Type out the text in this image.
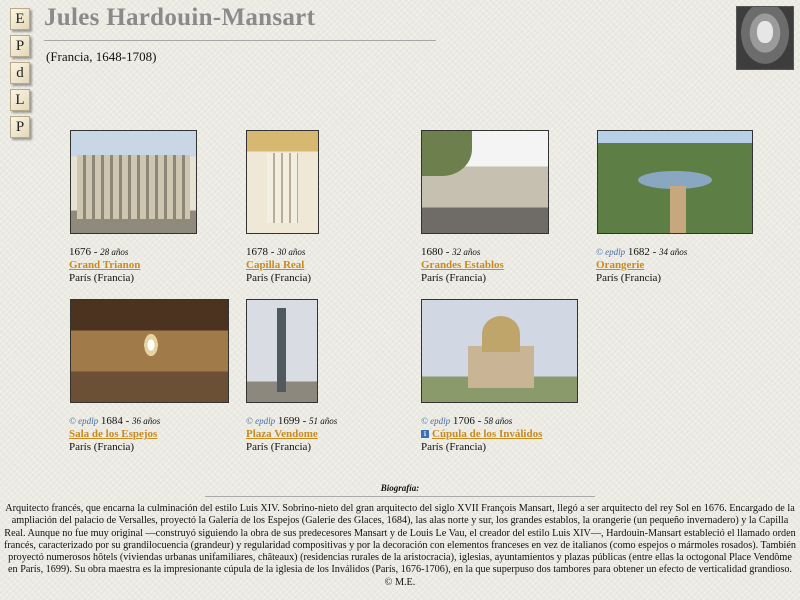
E
P
d
L
P
Jules Hardouin-Mansart
(Francia, 1648-1708)
1676 - 28 años
Grand Trianon
París (Francia)
1678 - 30 años
Capilla Real
París (Francia)
1680 - 32 años
Grandes Establos
París (Francia)
© epdlp 1682 - 34 años
Orangerie
París (Francia)
© epdlp 1684 - 36 años
Sala de los Espejos
París (Francia)
© epdlp 1699 - 51 años
Plaza Vendome
París (Francia)
© epdlp 1706 - 58 años
i Cúpula de los Inválidos
París (Francia)
Biografía:

Arquitecto francés, que encarna la culminación del estilo Luis XIV. Sobrino-nieto del gran arquitecto del siglo XVII François Mansart, llegó a ser arquitecto del rey Sol en 1676. Encargado de la ampliación del palacio de Versalles, proyectó la Galería de los Espejos (Galerie des Glaces, 1684), las alas norte y sur, los grandes establos, la orangerie (un pequeño invernadero) y la Capilla Real. Aunque no fue muy original —construyó siguiendo la obra de sus predecesores Mansart y de Louis Le Vau, el creador del estilo Luis XIV—, Hardouin-Mansart estableció el llamado orden francés, caracterizado por su grandilocuencia (grandeur) y regularidad compositivas y por la decoración con elementos franceses en vez de italianos (como espejos o mármoles rosados). También proyectó numerosos hôtels (viviendas urbanas unifamiliares, châteaux) (residencias rurales de la aristocracia), iglesias, ayuntamientos y plazas públicas (entre ellas la octogonal Place Vendôme en París, 1699). Su obra maestra es la impresionante cúpula de la iglesia de los Inválidos (París, 1676-1706), en la que superpuso dos tambores para obtener un efecto de verticalidad grandioso. © M.E.
